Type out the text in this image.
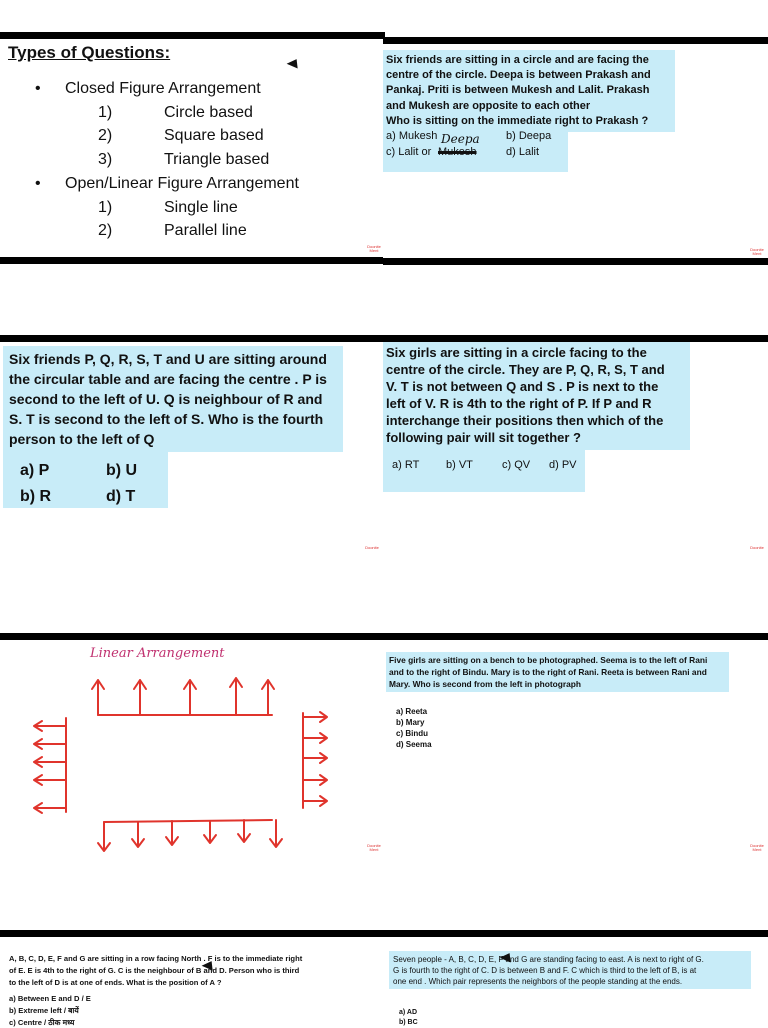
Types of Questions:
• Closed Figure Arrangement
1)	Circle based
2)	Square based
3)	Triangle based
• Open/Linear Figure Arrangement
1)	Single line
2)	Parallel line
Doonite Ment
Six friends are sitting in a circle and are facing the
centre of the circle. Deepa is between Prakash and
Pankaj. Priti is between Mukesh and Lalit. Prakash
and Mukesh are opposite to each other
Who is sitting on the immediate right to Prakash ?
a) Mukesh Deepa b) Deepa
c) Lalit or Mukesh	d) Lalit
Doonite Ment
Six friends P, Q, R, S, T and U are sitting around
the circular table and are facing the centre . P is
second to the left of U. Q is neighbour of R and
S. T is second to the left of S. Who is the fourth
person to the left of Q
a) P	b) U
b) R	d) T
Doonite
Six girls are sitting in a circle facing to the
centre of the circle. They are P, Q, R, S, T and
V. T is not between Q and S . P is next to the
left of V. R is 4th to the right of P. If P and R
interchange their positions then which of the
following pair will sit together ?
a) RT b) VT	c) QV d) PV
Doonite
Linear Arrangement
Doonite Ment
Five girls are sitting on a bench to be photographed. Seema is to the left of Rani
and to the right of Bindu. Mary is to the right of Rani. Reeta is between Rani and
Mary. Who is second from the left in photograph
a) Reeta
b) Mary
c) Bindu
d) Seema
Doonite Ment
A, B, C, D, E, F and G are sitting in a row facing North . F is to the immediate right
of E. E is 4th to the right of G. C is the neighbour of B and D. Person who is third
to the left of D is at one of ends. What is the position of A ?
a) Between E and D / E
b) Extreme left / बायें
c) Centre / ठीक मध्य
Seven people - A, B, C, D, E, F and G are standing facing to east. A is next to right of G.
G is fourth to the right of C. D is between B and F. C which is third to the left of B, is at
one end . Which pair represents the neighbors of the people standing at the ends.
a) AD
b) BC
